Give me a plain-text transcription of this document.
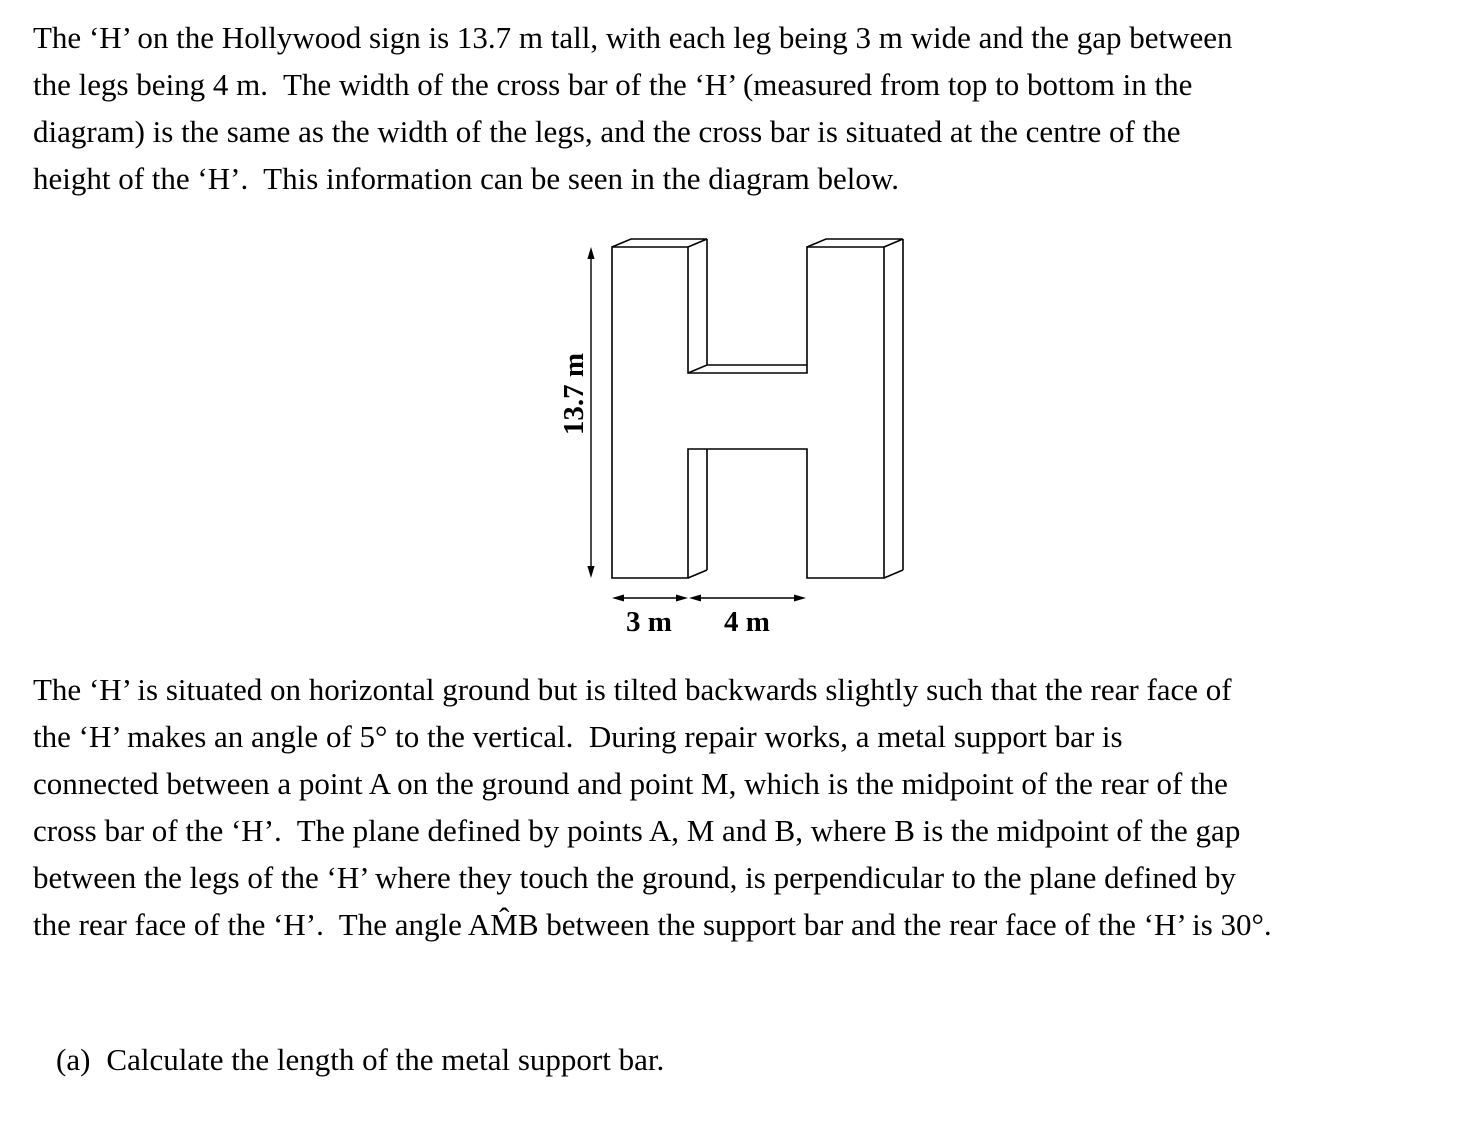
The ‘H’ on the Hollywood sign is 13.7 m tall, with each leg being 3 m wide and the gap between
the legs being 4 m.  The width of the cross bar of the ‘H’ (measured from top to bottom in the
diagram) is the same as the width of the legs, and the cross bar is situated at the centre of the
height of the ‘H’.  This information can be seen in the diagram below.
13.7 m
3 m 4 m
The ‘H’ is situated on horizontal ground but is tilted backwards slightly such that the rear face of
the ‘H’ makes an angle of 5° to the vertical.  During repair works, a metal support bar is
connected between a point A on the ground and point M, which is the midpoint of the rear of the
cross bar of the ‘H’.  The plane defined by points A, M and B, where B is the midpoint of the gap
between the legs of the ‘H’ where they touch the ground, is perpendicular to the plane defined by
the rear face of the ‘H’.  The angle AM̂B between the support bar and the rear face of the ‘H’ is 30°.

(a) Calculate the length of the metal support bar.
